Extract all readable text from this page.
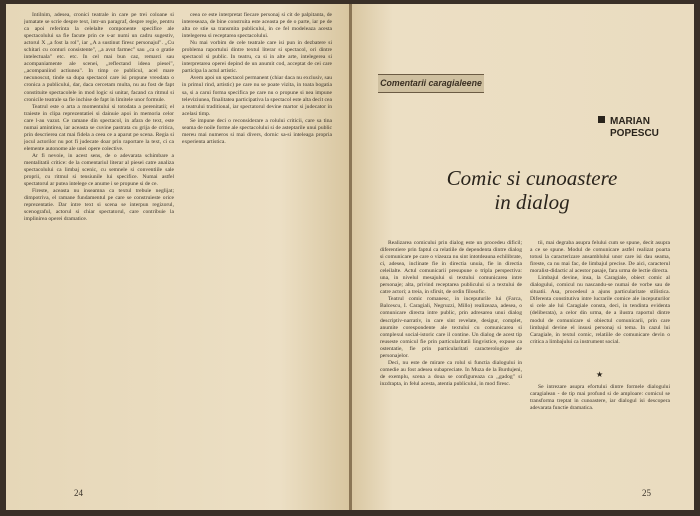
Intilnim, adesea, cronici teatrale in care pe trei coloane si jumatate se scrie despre text, intr-un paragraf, despre regie, pentru ca apoi referinta la celelalte componente specifice ale spectacolului sa fie facute prin ce s-ar numi un cadru sugestiv, actorul X ,,a fost la rol", iar ,,A a sustinut firesc personajul". ,,Cu schitari cu conturi consistente", ,,a avut farmec" sau ,,ca o gratie intelectuala" etc. etc. In cel mai bun caz, remarci sau acompaniamente ale scenei, ,,reflectand ideea piesei", ,,acompaniind actiunea". In timp ce publicul, acel mare necunoscut, tinde sa dupa spectacol care isi propune vreodata o cronica a publicului, dar, daca cercetam multa, nu au fost de fapt constituite spectacolele in mod logic si unitar, facand ca ritmul si cronicile teatrale sa fie inchise de fapt in limitele unor formule.

Teatrul este o arta a momentului si totodata a perenitatii; el traieste in clipa reprezentatiei si dainuie apoi in memoria celor care l-au vazut. Ce ramane din spectacol, in afara de text, este numai amintirea, iar aceasta se cuvine pastrata cu grija de critica, prin descrierea cat mai fidela a ceea ce a aparut pe scena. Regia si jocul actorilor nu pot fi judecate doar prin raportare la text, ci ca elemente autonome ale unei opere colective.

Ar fi nevoie, in acest sens, de o adevarata schimbare a mentalitatii critice: de la comentariul literar al piesei catre analiza spectacolului ca limbaj scenic, cu semnele si conventiile sale proprii, cu ritmul si tensiunile lui specifice. Numai astfel spectatorul ar putea intelege ce anume i se propune si de ce.

Fireste, aceasta nu inseamna ca textul trebuie neglijat; dimpotriva, el ramane fundamentul pe care se construieste orice reprezentatie. Dar intre text si scena se interpun regizorul, scenograful, actorul si chiar spectatorul, care contribuie la implinirea operei dramatice.

ceea ce este interpretat fiecare personaj si cit de palpitanta, de intereseaza, de bine construita este aceasta pe de o parte, iar pe de alta ce stie sa transmita publicului, in ce fel modeleaza acesta intelegerea si receptarea spectacolului.

Nu mai vorbim de cele teatrale care isi pun in dezbatere si problema raportului dintre textul literar si spectacol, ori dintre spectacol si public. In teatru, ca si in alte arte, intelegerea si interpretarea operei depind de un anumit cod, acceptat de cei care participa la actul artistic.

Avem apoi un spectacol permanent (chiar daca nu exclusiv, sau in primul rind, artistic) pe care nu se poate vizita, in toata bogatia sa, si a carui forma specifica pe care nu o propune si nea impune televiziunea, finalitatea participativa la spectacol este alta decit cea a teatrului traditional, iar spectatorul devine martor si judecator in acelasi timp.

Se impune deci o reconsiderare a rolului criticii, care sa tina seama de noile forme ale spectacolului si de asteptarile unui public mereu mai numeros si mai divers, dornic sa-si inteleaga propria experienta artistica.

24
Comentarii caragialeene
MARIAN
POPESCU
Comic si cunoastere
in dialog

Realizarea comicului prin dialog este un procedeu dificil; diferentiere prin faptul ca relatiile de dependenta dintre dialog si comunicare pe care o vizeaza nu sint intotdeauna echilibrate, ci, adesea, inclinate fie in directia unuia, fie in directia celeilalte. Actul comunicarii presupune o tripla perspectiva: una, in nivelul mesajului si textului comunicarea intre personaje; alta, privind receptarea publicului si a textului de catre actori; a treia, in sfirsit, de ordin filosofic.

Teatrul comic romanesc, in inceputurile lui (Farca, Balcescu, I. Caragiali, Negruzzi, Millo) realizeaza, adesea, o comunicare directa intre public, prin adresarea unui dialog descriptiv-narrativ, in care sint revelate, desigur, complet, anumite corespondente ale textului cu comunicarea si complexul social-istoric care il contine. Un dialog de acest tip reuseste comicul fie prin particularitatii lingvistice, expuse ca ostentatie, fie prin particularitati caracterologice ale personajelor.

Deci, nu este de mirare ca rolul si functia dialogului in comedie au fost adesea subapreciate. In Muza de la Burdujeni, de exemplu, scena a doua se configureaza ca ,,gadog" si inzdrapta, in felul acesta, atentia publicului, in mod firesc.

tii, mai degraba asupra felului cum se spune, decit asupra a ce se spune. Modul de comunicare astfel realizat poarta totusi la caracterizare ansamblului unor care isi dau seama, fireste, ca nu mai fac, de limbajul precise. De aici, caracterul moralist-didactic al acestor pasaje, fara urma de lectie directa.

Limbajul devine, insa, la Caragiale, obiect comic al dialogului, comicul nu nascandu-se numai de vorbe sau de situatii. Asa, procedeul a ajuns particularitate stilistica. Diferenta constitutiva intre lucrarile comice ale inceputurilor si cele ale lui Caragiale consta, deci, in tendinta evidenta (deliberata), a celor din urma, de a ilustra raportul dintre modul de comunicare si obiectul comunicarii, prin care limbajul devine el insusi personaj si tema. In cazul lui Caragiale, in textul comic, relatiile de comunicare devin o critica a limbajului ca instrument social.

★

Se intrezare asupra efortului dintre formele dialogului caragialean - de tip mai profund si de amploare: comicul se transforma treptat in cunoastere, iar dialogul isi descopera adevarata functie dramatica.

25
